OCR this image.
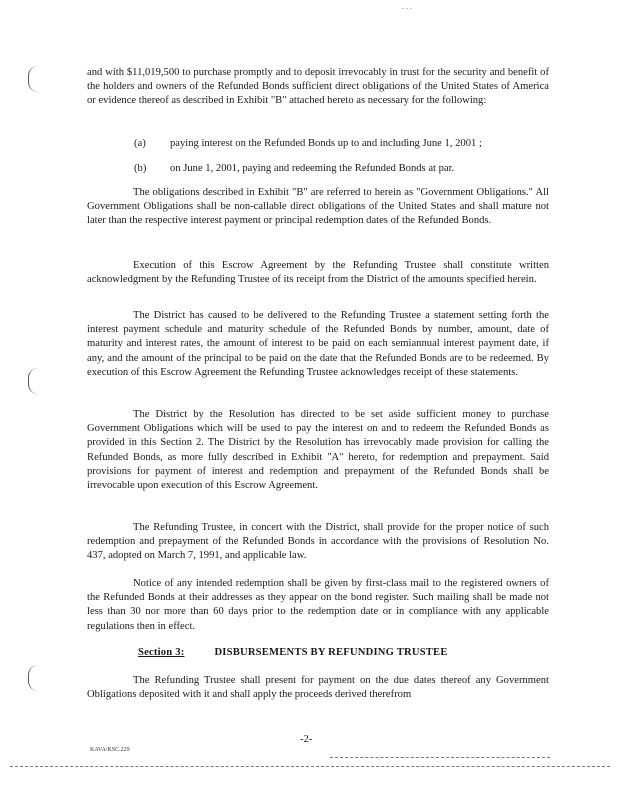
. . .
and with $11,019,500 to purchase promptly and to deposit irrevocably in trust for the security and benefit of the holders and owners of the Refunded Bonds sufficient direct obligations of the United States of America or evidence thereof as described in Exhibit "B" attached hereto as necessary for the following:
(a) paying interest on the Refunded Bonds up to and including June 1, 2001 ;
(b) on June 1, 2001, paying and redeeming the Refunded Bonds at par.
The obligations described in Exhibit "B" are referred to herein as "Government Obligations." All Government Obligations shall be non-callable direct obligations of the United States and shall mature not later than the respective interest payment or principal redemption dates of the Refunded Bonds.
Execution of this Escrow Agreement by the Refunding Trustee shall constitute written acknowledgment by the Refunding Trustee of its receipt from the District of the amounts specified herein.
The District has caused to be delivered to the Refunding Trustee a statement setting forth the interest payment schedule and maturity schedule of the Refunded Bonds by number, amount, date of maturity and interest rates, the amount of interest to be paid on each semiannual interest payment date, if any, and the amount of the principal to be paid on the date that the Refunded Bonds are to be redeemed. By execution of this Escrow Agreement the Refunding Trustee acknowledges receipt of these statements.
The District by the Resolution has directed to be set aside sufficient money to purchase Government Obligations which will be used to pay the interest on and to redeem the Refunded Bonds as provided in this Section 2. The District by the Resolution has irrevocably made provision for calling the Refunded Bonds, as more fully described in Exhibit "A" hereto, for redemption and prepayment. Said provisions for payment of interest and redemption and prepayment of the Refunded Bonds shall be irrevocable upon execution of this Escrow Agreement.
The Refunding Trustee, in concert with the District, shall provide for the proper notice of such redemption and prepayment of the Refunded Bonds in accordance with the provisions of Resolution No. 437, adopted on March 7, 1991, and applicable law.
Notice of any intended redemption shall be given by first-class mail to the registered owners of the Refunded Bonds at their addresses as they appear on the bond register. Such mailing shall be made not less than 30 nor more than 60 days prior to the redemption date or in compliance with any applicable regulations then in effect.
Section 3:	DISBURSEMENTS BY REFUNDING TRUSTEE
The Refunding Trustee shall present for payment on the due dates thereof any Government Obligations deposited with it and shall apply the proceeds derived therefrom
-2-
KAVA/KSC.229
